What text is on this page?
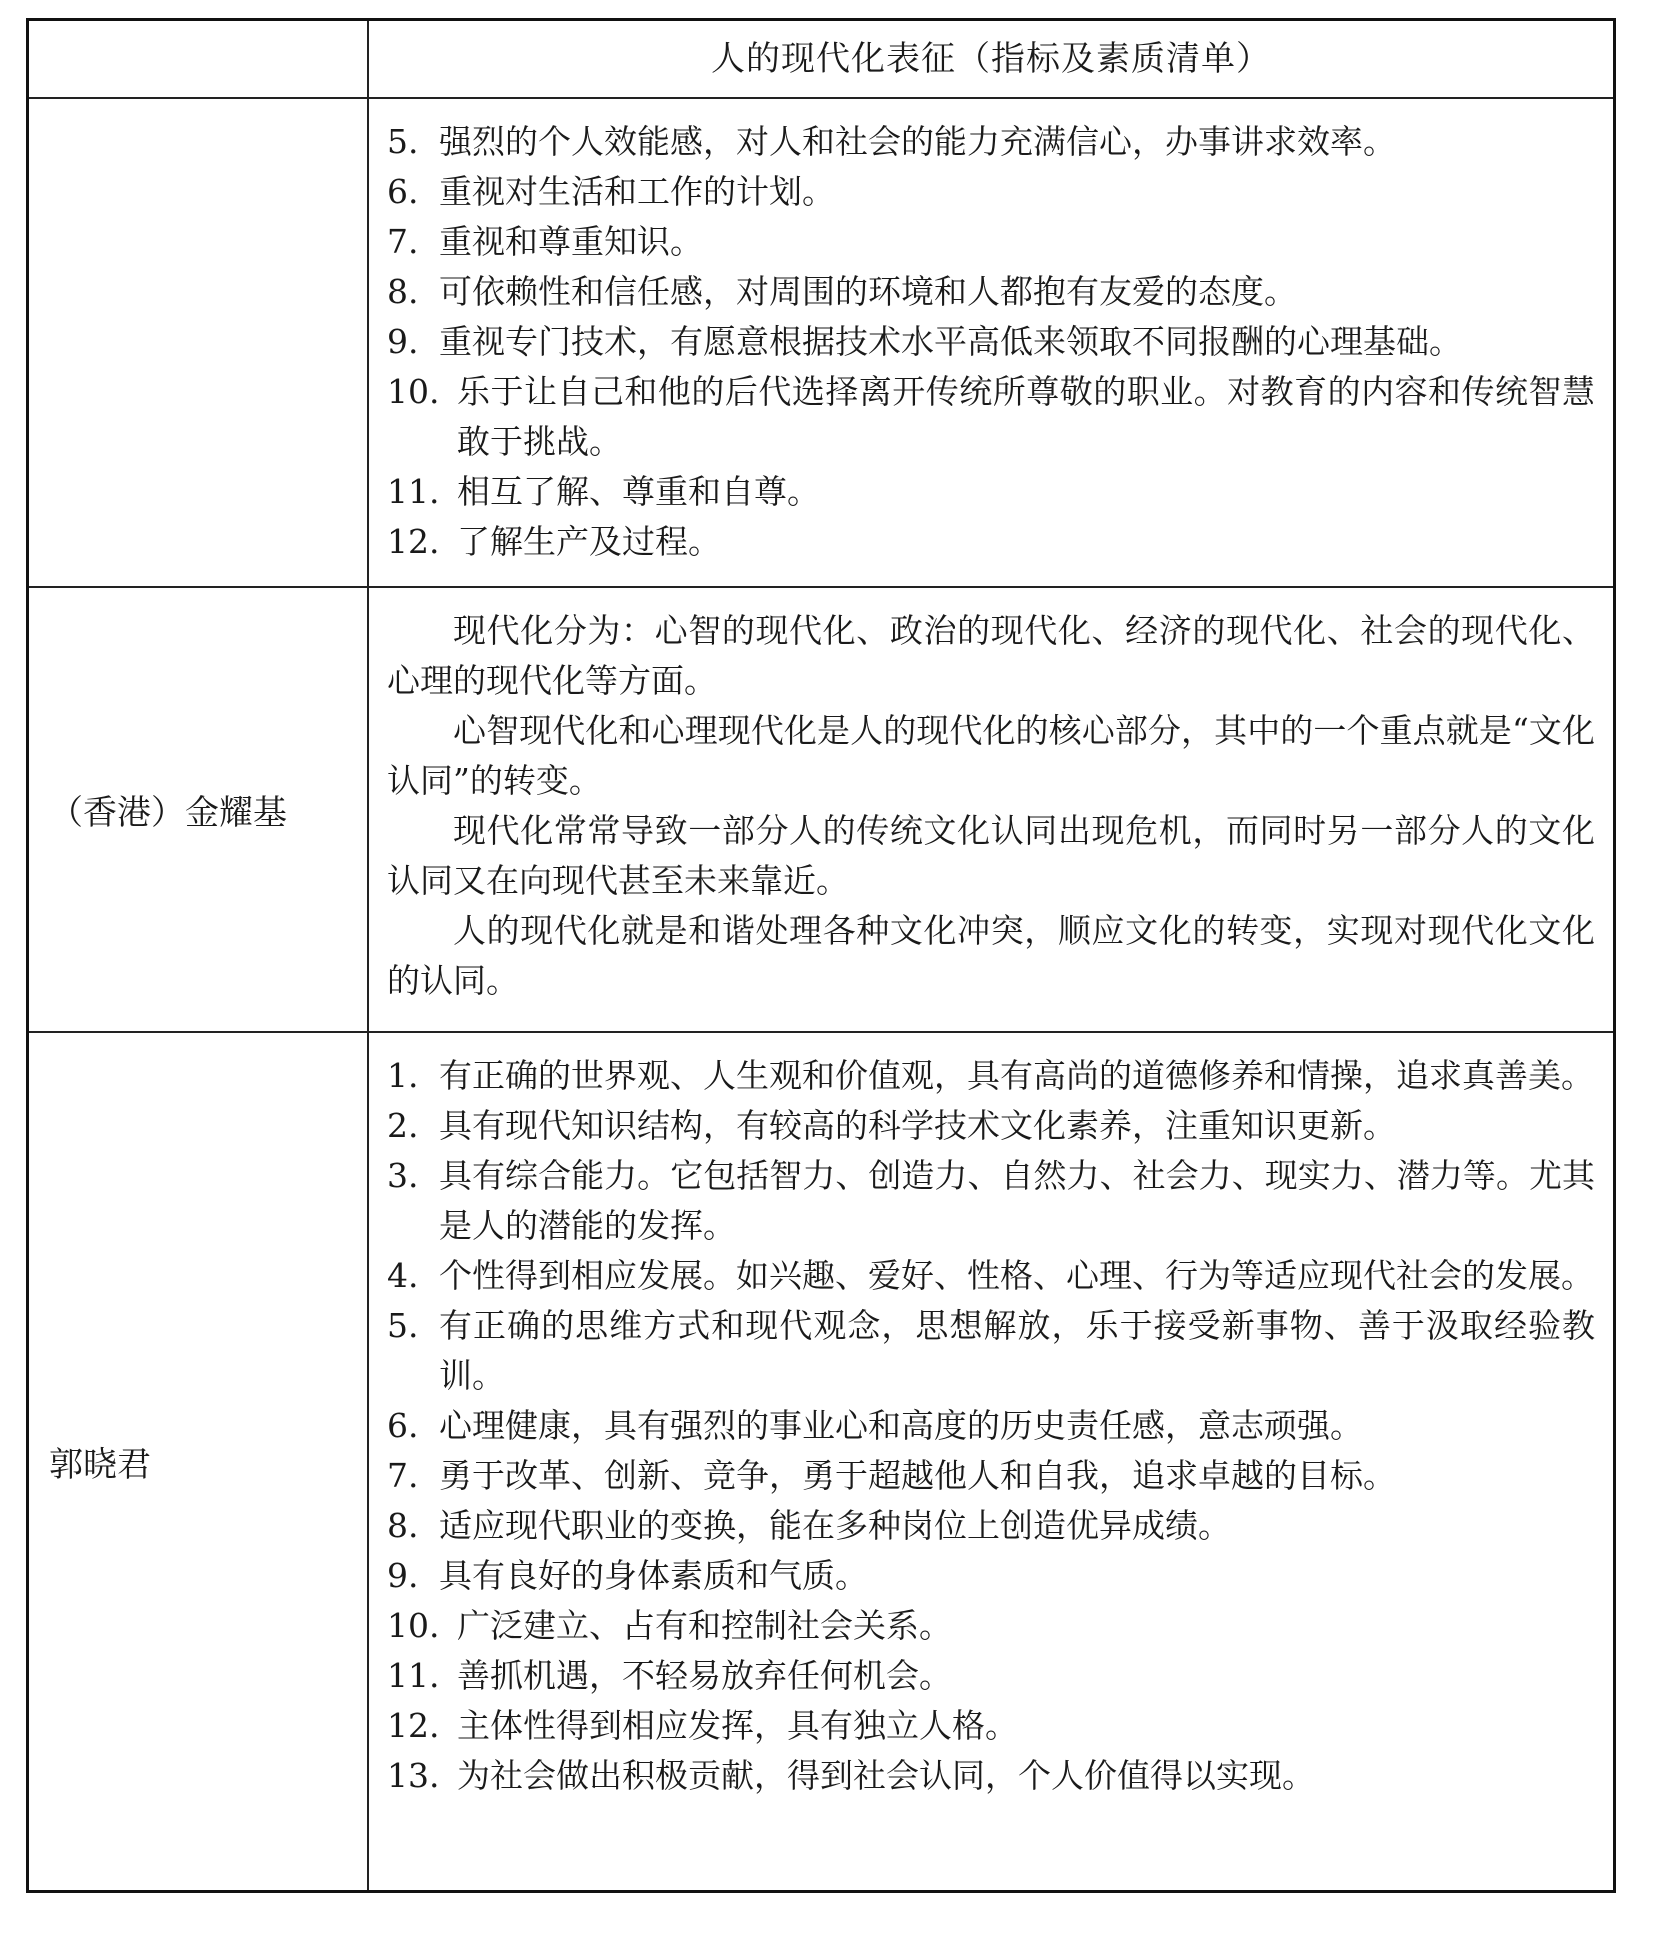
人的现代化表征（指标及素质清单）
5. 强烈的个人效能感，对人和社会的能力充满信心，办事讲求效率。
6. 重视对生活和工作的计划。
7. 重视和尊重知识。
8. 可依赖性和信任感，对周围的环境和人都抱有友爱的态度。
9. 重视专门技术，有愿意根据技术水平高低来领取不同报酬的心理基础。
10. 乐于让自己和他的后代选择离开传统所尊敬的职业。对教育的内容和传统智慧敢于挑战。
11. 相互了解、尊重和自尊。
12. 了解生产及过程。
（香港）金耀基

现代化分为：心智的现代化、政治的现代化、经济的现代化、社会的现代化、心理的现代化等方面。

心智现代化和心理现代化是人的现代化的核心部分，其中的一个重点就是“文化认同”的转变。

现代化常常导致一部分人的传统文化认同出现危机，而同时另一部分人的文化认同又在向现代甚至未来靠近。

人的现代化就是和谐处理各种文化冲突，顺应文化的转变，实现对现代化文化的认同。

郭晓君
1. 有正确的世界观、人生观和价值观，具有高尚的道德修养和情操，追求真善美。
2. 具有现代知识结构，有较高的科学技术文化素养，注重知识更新。
3. 具有综合能力。它包括智力、创造力、自然力、社会力、现实力、潜力等。尤其是人的潜能的发挥。
4. 个性得到相应发展。如兴趣、爱好、性格、心理、行为等适应现代社会的发展。
5. 有正确的思维方式和现代观念，思想解放，乐于接受新事物、善于汲取经验教训。
6. 心理健康，具有强烈的事业心和高度的历史责任感，意志顽强。
7. 勇于改革、创新、竞争，勇于超越他人和自我，追求卓越的目标。
8. 适应现代职业的变换，能在多种岗位上创造优异成绩。
9. 具有良好的身体素质和气质。
10. 广泛建立、占有和控制社会关系。
11. 善抓机遇，不轻易放弃任何机会。
12. 主体性得到相应发挥，具有独立人格。
13. 为社会做出积极贡献，得到社会认同，个人价值得以实现。
